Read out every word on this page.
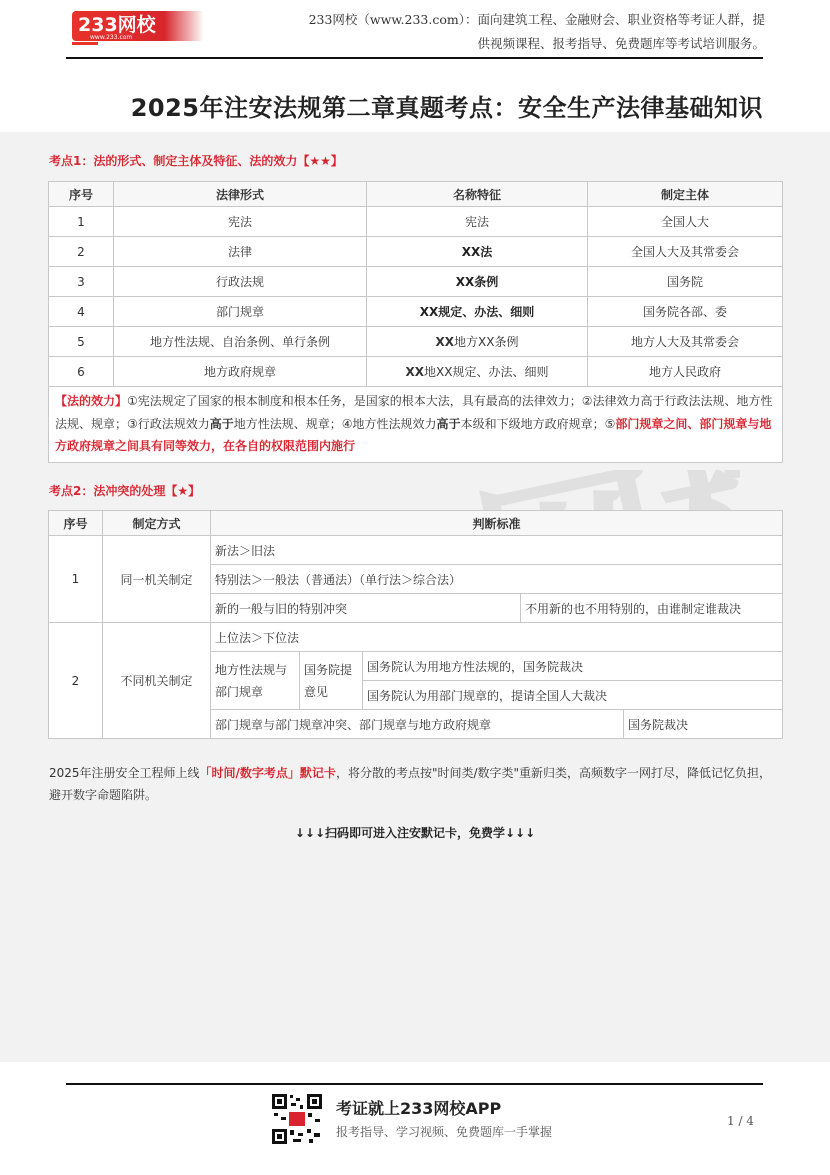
233网校
www.233.com
233网校（www.233.com）：面向建筑工程、金融财会、职业资格等考证人群，提
供视频课程、报考指导、免费题库等考试培训服务。
2025年注安法规第二章真题考点：安全生产法律基础知识
考点1：法的形式、制定主体及特征、法的效力【★★】
序号	法律形式	名称特征	制定主体
1	宪法	宪法	全国人大
2	法律	XX法	全国人大及其常委会
3	行政法规	XX条例	国务院
4	部门规章	XX规定、办法、细则	国务院各部、委
5	地方性法规、自治条例、单行条例	XX地方XX条例	地方人大及其常委会
6	地方政府规章	XX地XX规定、办法、细则	地方人民政府
【法的效力】①宪法规定了国家的根本制度和根本任务，是国家的根本大法，具有最高的法律效力；②法律效力高于行政法法规、地方性法规、规章；③行政法规效力高于地方性法规、规章；④地方性法规效力高于本级和下级地方政府规章；⑤部门规章之间、部门规章与地方政府规章之间具有同等效力，在各自的权限范围内施行			
考点2：法冲突的处理【★】
序号	制定方式	判断标准				
1	同一机关制定	新法＞旧法				
		特别法＞一般法（普通法）（单行法＞综合法）				
		新的一般与旧的特别冲突			不用新的也不用特别的，由谁制定谁裁决	
2	不同机关制定	上位法＞下位法				
		地方性法规与部门规章	国务院提意见	国务院认为用地方性法规的，国务院裁决		
				国务院认为用部门规章的，提请全国人大裁决		
		部门规章与部门规章冲突、部门规章与地方政府规章				国务院裁决
2025年注册安全工程师上线「时间/数字考点」默记卡，将分散的考点按"时间类/数字类"重新归类，高频数字一网打尽，降低记忆负担，避开数字命题陷阱。
↓↓↓扫码即可进入注安默记卡，免费学↓↓↓
考证就上233网校APP
报考指导、学习视频、免费题库一手掌握
1 / 4
